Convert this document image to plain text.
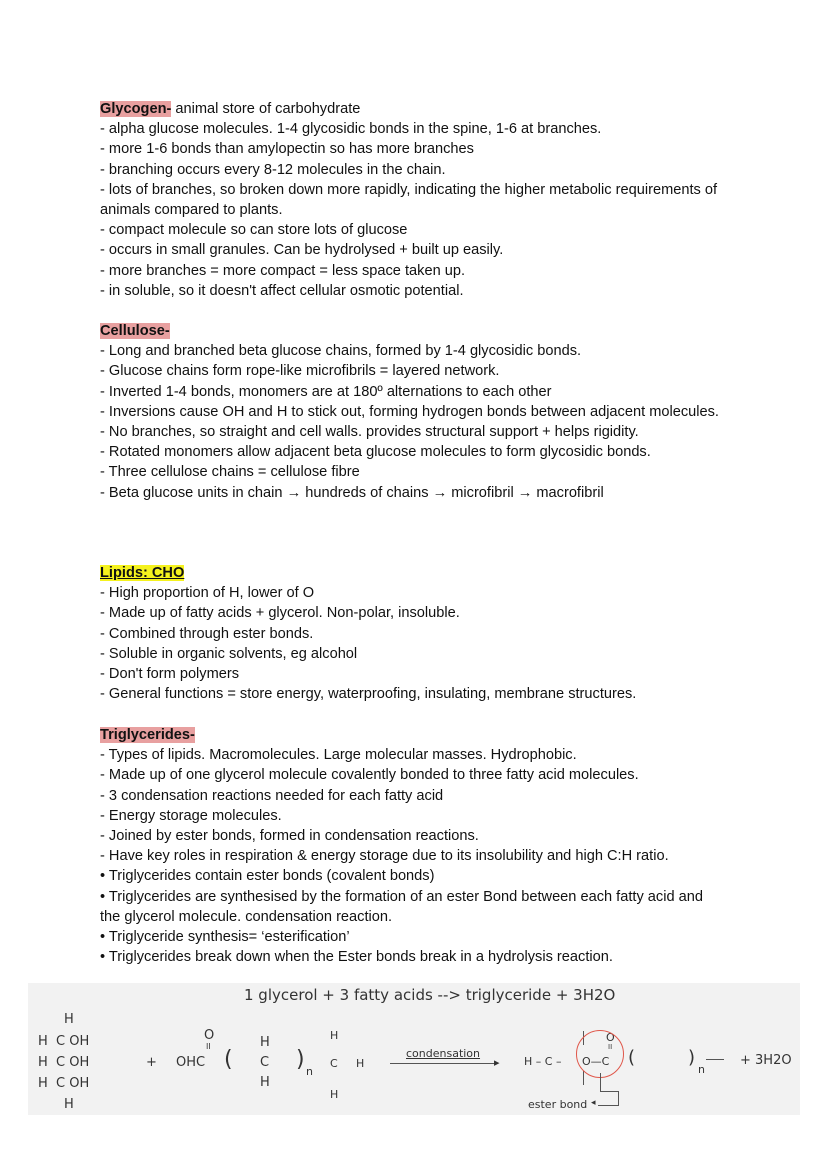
Glycogen- animal store of carbohydrate

- alpha glucose molecules. 1-4 glycosidic bonds in the spine, 1-6 at branches.

- more 1-6 bonds than amylopectin so has more branches

- branching occurs every 8-12 molecules in the chain.

- lots of branches, so broken down more rapidly, indicating the higher metabolic requirements of animals compared to plants.

- compact molecule so can store lots of glucose

- occurs in small granules. Can be hydrolysed + built up easily.

- more branches = more compact = less space taken up.

- in soluble, so it doesn't affect cellular osmotic potential.

Cellulose-

- Long and branched beta glucose chains, formed by 1-4 glycosidic bonds.

- Glucose chains form rope-like microfibrils = layered network.

- Inverted 1-4 bonds, monomers are at 180º alternations to each other

- Inversions cause OH and H to stick out, forming hydrogen bonds between adjacent molecules.

- No branches, so straight and cell walls. provides structural support + helps rigidity.

- Rotated monomers allow adjacent beta glucose molecules to form glycosidic bonds.

- Three cellulose chains = cellulose fibre

- Beta glucose units in chain → hundreds of chains → microfibril → macrofibril

Lipids: CHO

- High proportion of H, lower of O

- Made up of fatty acids + glycerol. Non-polar, insoluble.

- Combined through ester bonds.

- Soluble in organic solvents, eg alcohol

- Don't form polymers

- General functions = store energy, waterproofing, insulating, membrane structures.

Triglycerides-

- Types of lipids. Macromolecules. Large molecular masses. Hydrophobic.

- Made up of one glycerol molecule covalently bonded to three fatty acid molecules.

- 3 condensation reactions needed for each fatty acid

- Energy storage molecules.

- Joined by ester bonds, formed in condensation reactions.

- Have key roles in respiration & energy storage due to its insolubility and high C:H ratio.

• Triglycerides contain ester bonds (covalent bonds)

• Triglycerides are synthesised by the formation of an ester Bond between each fatty acid and the glycerol molecule. condensation reaction.

• Triglyceride synthesis= ‘esterification’

• Triglycerides break down when the Ester bonds break in a hydrolysis reaction.

1 glycerol + 3 fatty acids --> triglyceride + 3H2O
H
H  C OH
H  C OH
H  C OH
H
+
O
II
OHC (
H
C
H
) n
H
C H
H
condensation
▸ H – C –
O
II
O—C (	)
n
+ 3H2O
ester bond ◂
